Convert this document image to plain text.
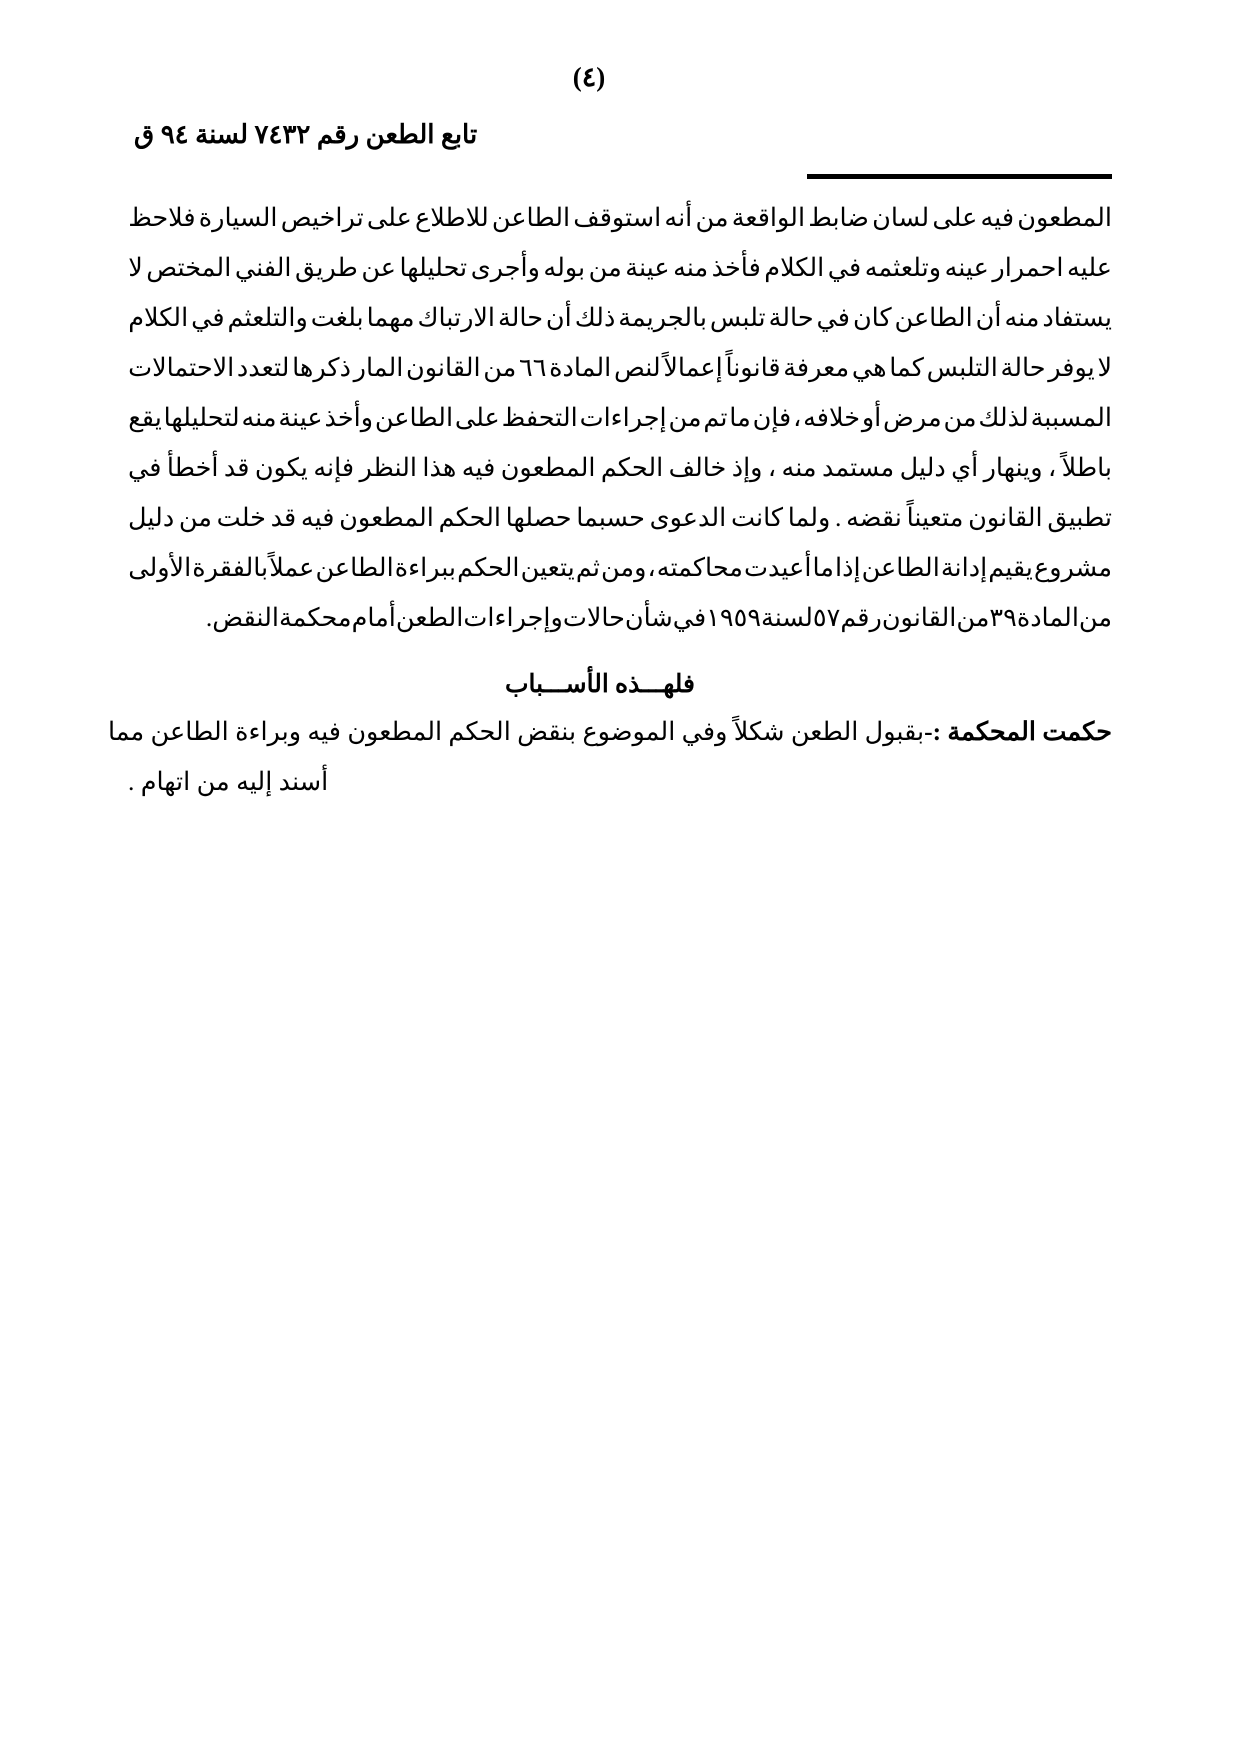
(٤)
تابع الطعن رقم ٧٤٣٢ لسنة ٩٤ ق
المطعون
فيه
على
لسان
ضابط
الواقعة
من
أنه
استوقف
الطاعن
للاطلاع
على
تراخيص
السيارة
فلاحظ
عليه
احمرار
عينه
وتلعثمه
في
الكلام
فأخذ
منه
عينة
من
بوله
وأجرى
تحليلها
عن
طريق
الفني
المختص
لا
يستفاد
منه
أن
الطاعن
كان
في
حالة
تلبس
بالجريمة
ذلك
أن
حالة
الارتباك
مهما
بلغت
والتلعثم
في
الكلام
لا
يوفر
حالة
التلبس
كما
هي
معرفة
قانوناً
إعمالاً
لنص
المادة
٦٦
من
القانون
المار
ذكرها
لتعدد
الاحتمالات
المسببة
لذلك
من
مرض
أو
خلافه
،
فإن
ما
تم
من
إجراءات
التحفظ
على
الطاعن
وأخذ
عينة
منه
لتحليلها
يقع
باطلاً
،
وينهار
أي
دليل
مستمد
منه
،
وإذ
خالف
الحكم
المطعون
فيه
هذا
النظر
فإنه
يكون
قد
أخطأ
في
تطبيق
القانون
متعيناً
نقضه
.
ولما
كانت
الدعوى
حسبما
حصلها
الحكم
المطعون
فيه
قد
خلت
من
دليل
مشروع
يقيم
إدانة
الطاعن
إذا
ما
أعيدت
محاكمته
،
ومن
ثم
يتعين
الحكم
ببراءة
الطاعن
عملاً
بالفقرة
الأولى
من
المادة
٣٩
من
القانون
رقم
٥٧
لسنة
١٩٥٩
في
شأن
حالات
وإجراءات
الطعن
أمام
محكمة
النقض
.
فلهـــذه الأســـباب
حكمت المحكمة :-
بقبول الطعن شكلاً وفي الموضوع بنقض الحكم المطعون فيه وبراءة الطاعن مما
أسند إليه من اتهام .
